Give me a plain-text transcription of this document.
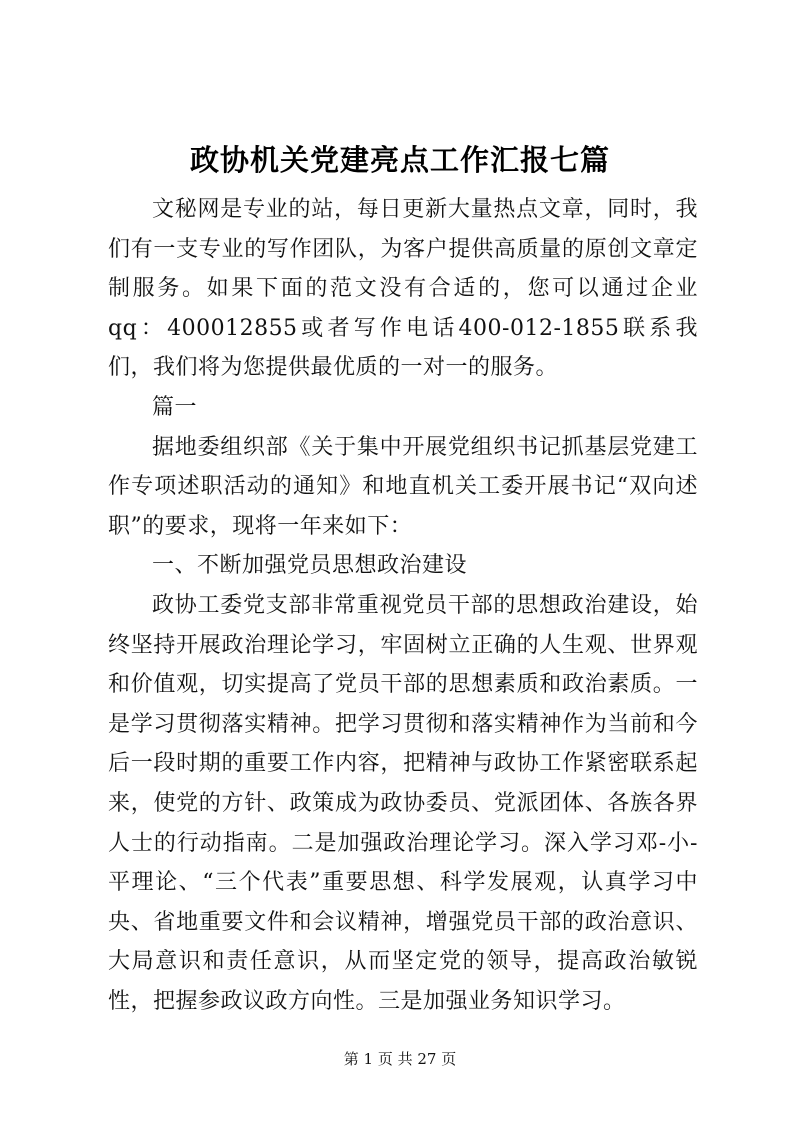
政协机关党建亮点工作汇报七篇

文秘网是专业的站，每日更新大量热点文章，同时，我们有一支专业的写作团队，为客户提供高质量的原创文章定制服务。如果下面的范文没有合适的，您可以通过企业qq：400012855或者写作电话400-012-1855联系我们，我们将为您提供最优质的一对一的服务。

篇一

据地委组织部《关于集中开展党组织书记抓基层党建工作专项述职活动的通知》和地直机关工委开展书记“双向述职”的要求，现将一年来如下：

一、不断加强党员思想政治建设

政协工委党支部非常重视党员干部的思想政治建设，始终坚持开展政治理论学习，牢固树立正确的人生观、世界观和价值观，切实提高了党员干部的思想素质和政治素质。一是学习贯彻落实精神。把学习贯彻和落实精神作为当前和今后一段时期的重要工作内容，把精神与政协工作紧密联系起来，使党的方针、政策成为政协委员、党派团体、各族各界人士的行动指南。二是加强政治理论学习。深入学习邓-小-平理论、“三个代表”重要思想、科学发展观，认真学习中央、省地重要文件和会议精神，增强党员干部的政治意识、大局意识和责任意识，从而坚定党的领导，提高政治敏锐性，把握参政议政方向性。三是加强业务知识学习。

第 1 页 共 27 页
